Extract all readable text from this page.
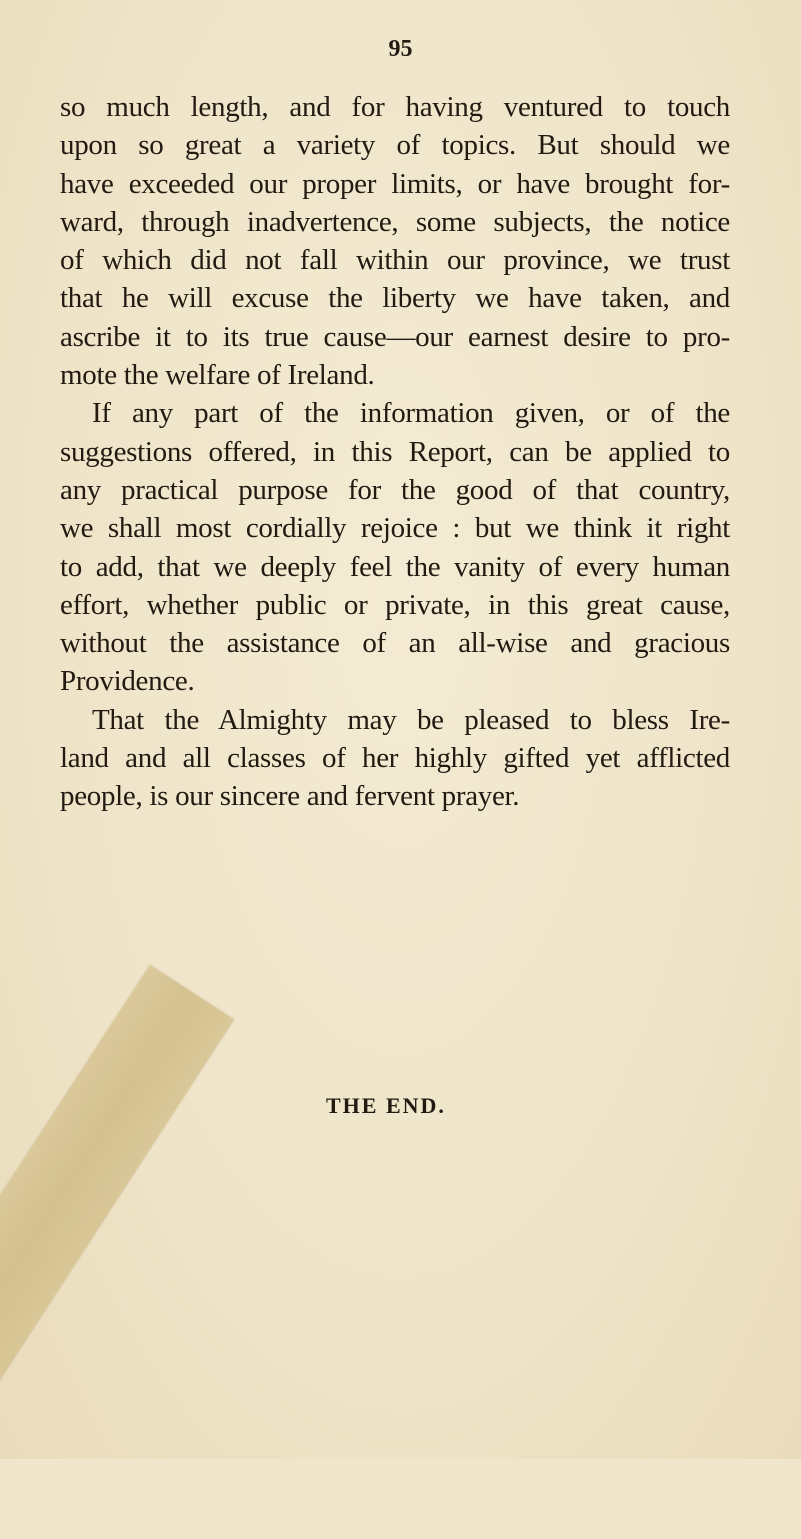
95
so much length, and for having ventured to touch
upon so great a variety of topics. But should we
have exceeded our proper limits, or have brought for-
ward, through inadvertence, some subjects, the notice
of which did not fall within our province, we trust
that he will excuse the liberty we have taken, and
ascribe it to its true cause—our earnest desire to pro-
mote the welfare of Ireland.
If any part of the information given, or of the
suggestions offered, in this Report, can be applied to
any practical purpose for the good of that country,
we shall most cordially rejoice : but we think it right
to add, that we deeply feel the vanity of every human
effort, whether public or private, in this great cause,
without the assistance of an all-wise and gracious
Providence.
That the Almighty may be pleased to bless Ire-
land and all classes of her highly gifted yet afflicted
people, is our sincere and fervent prayer.
THE END.
